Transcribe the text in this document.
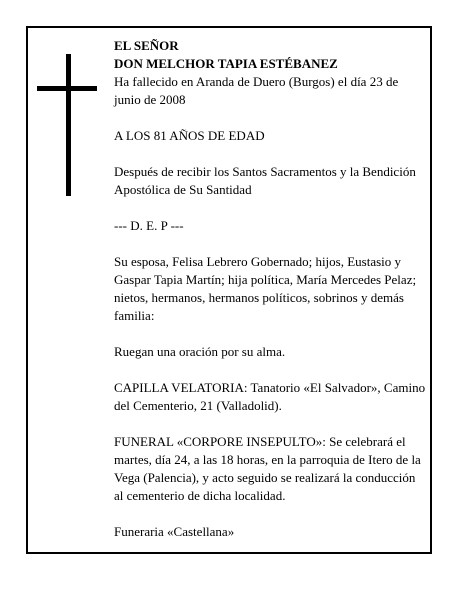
EL SEÑOR
DON MELCHOR TAPIA ESTÉBANEZ

Ha fallecido en Aranda de Duero (Burgos) el día 23 de junio de 2008

A LOS 81 AÑOS DE EDAD

Después de recibir los Santos Sacramentos y la Bendición Apostólica de Su Santidad

--- D. E. P ---

Su esposa, Felisa Lebrero Gobernado; hijos, Eustasio y Gaspar Tapia Martín; hija política, María Mercedes Pelaz; nietos, hermanos, hermanos políticos, sobrinos y demás familia:

Ruegan una oración por su alma.

CAPILLA VELATORIA: Tanatorio «El Salvador», Camino del Cementerio, 21 (Valladolid).

FUNERAL «CORPORE INSEPULTO»: Se celebrará el martes, día 24, a las 18 horas, en la parroquia de Itero de la Vega (Palencia), y acto seguido se realizará la conducción al cementerio de dicha localidad.

Funeraria «Castellana»
